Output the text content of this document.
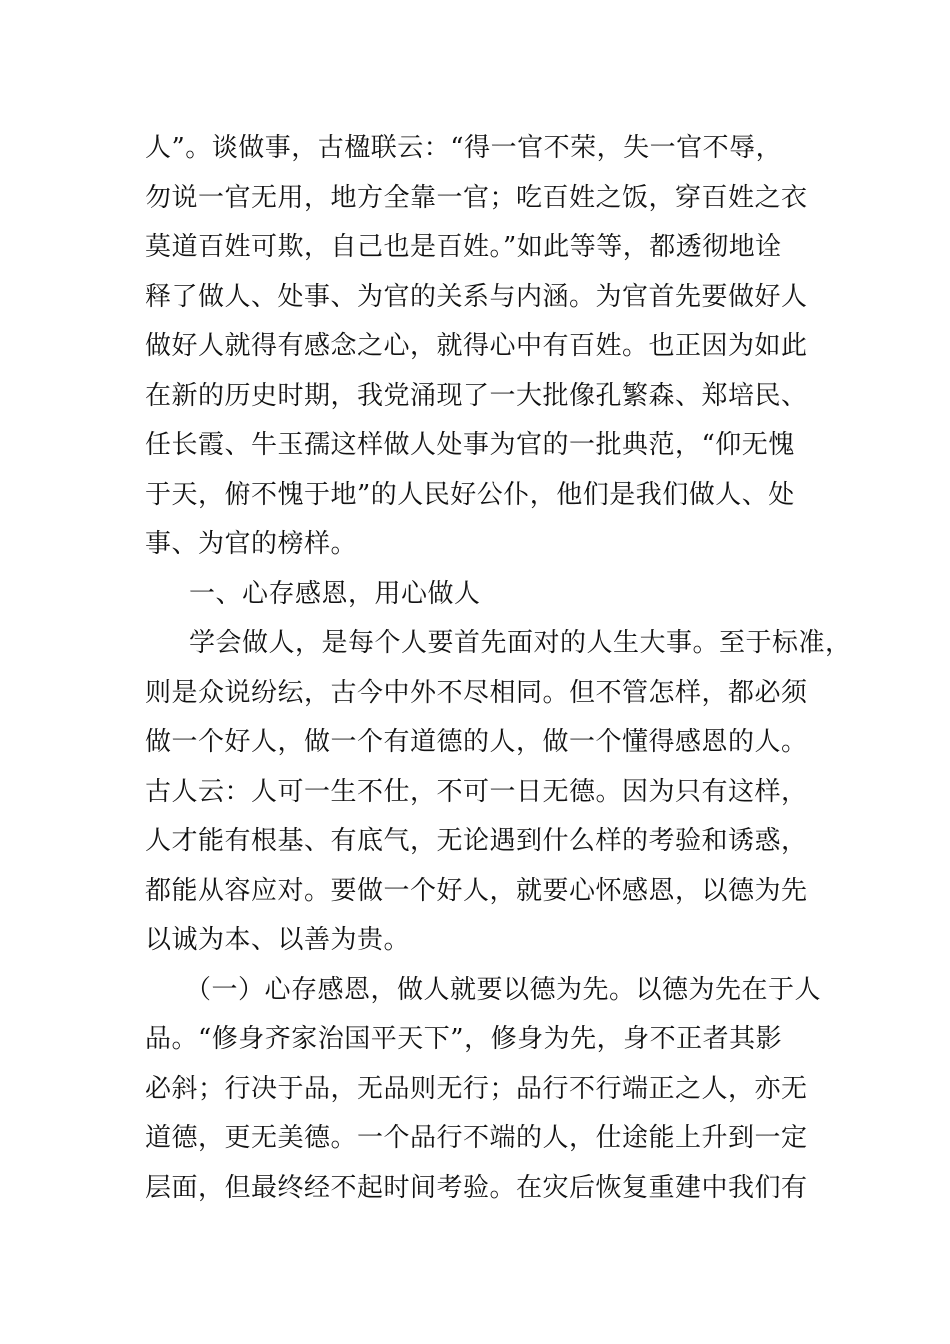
人”。谈做事，古楹联云：“得一官不荣，失一官不辱，
勿说一官无用，地方全靠一官；吃百姓之饭，穿百姓之衣
莫道百姓可欺，自己也是百姓。”如此等等，都透彻地诠
释了做人、处事、为官的关系与内涵。为官首先要做好人
做好人就得有感念之心，就得心中有百姓。也正因为如此
在新的历史时期，我党涌现了一大批像孔繁森、郑培民、
任长霞、牛玉孺这样做人处事为官的一批典范，“仰无愧
于天，俯不愧于地”的人民好公仆，他们是我们做人、处
事、为官的榜样。
一、心存感恩，用心做人
学会做人，是每个人要首先面对的人生大事。至于标准，
则是众说纷纭，古今中外不尽相同。但不管怎样，都必须
做一个好人，做一个有道德的人，做一个懂得感恩的人。
古人云：人可一生不仕，不可一日无德。因为只有这样，
人才能有根基、有底气，无论遇到什么样的考验和诱惑，
都能从容应对。要做一个好人，就要心怀感恩，以德为先
以诚为本、以善为贵。
（一）心存感恩，做人就要以德为先。以德为先在于人
品。“修身齐家治国平天下”，修身为先，身不正者其影
必斜；行决于品，无品则无行；品行不行端正之人，亦无
道德，更无美德。一个品行不端的人，仕途能上升到一定
层面，但最终经不起时间考验。在灾后恢复重建中我们有
